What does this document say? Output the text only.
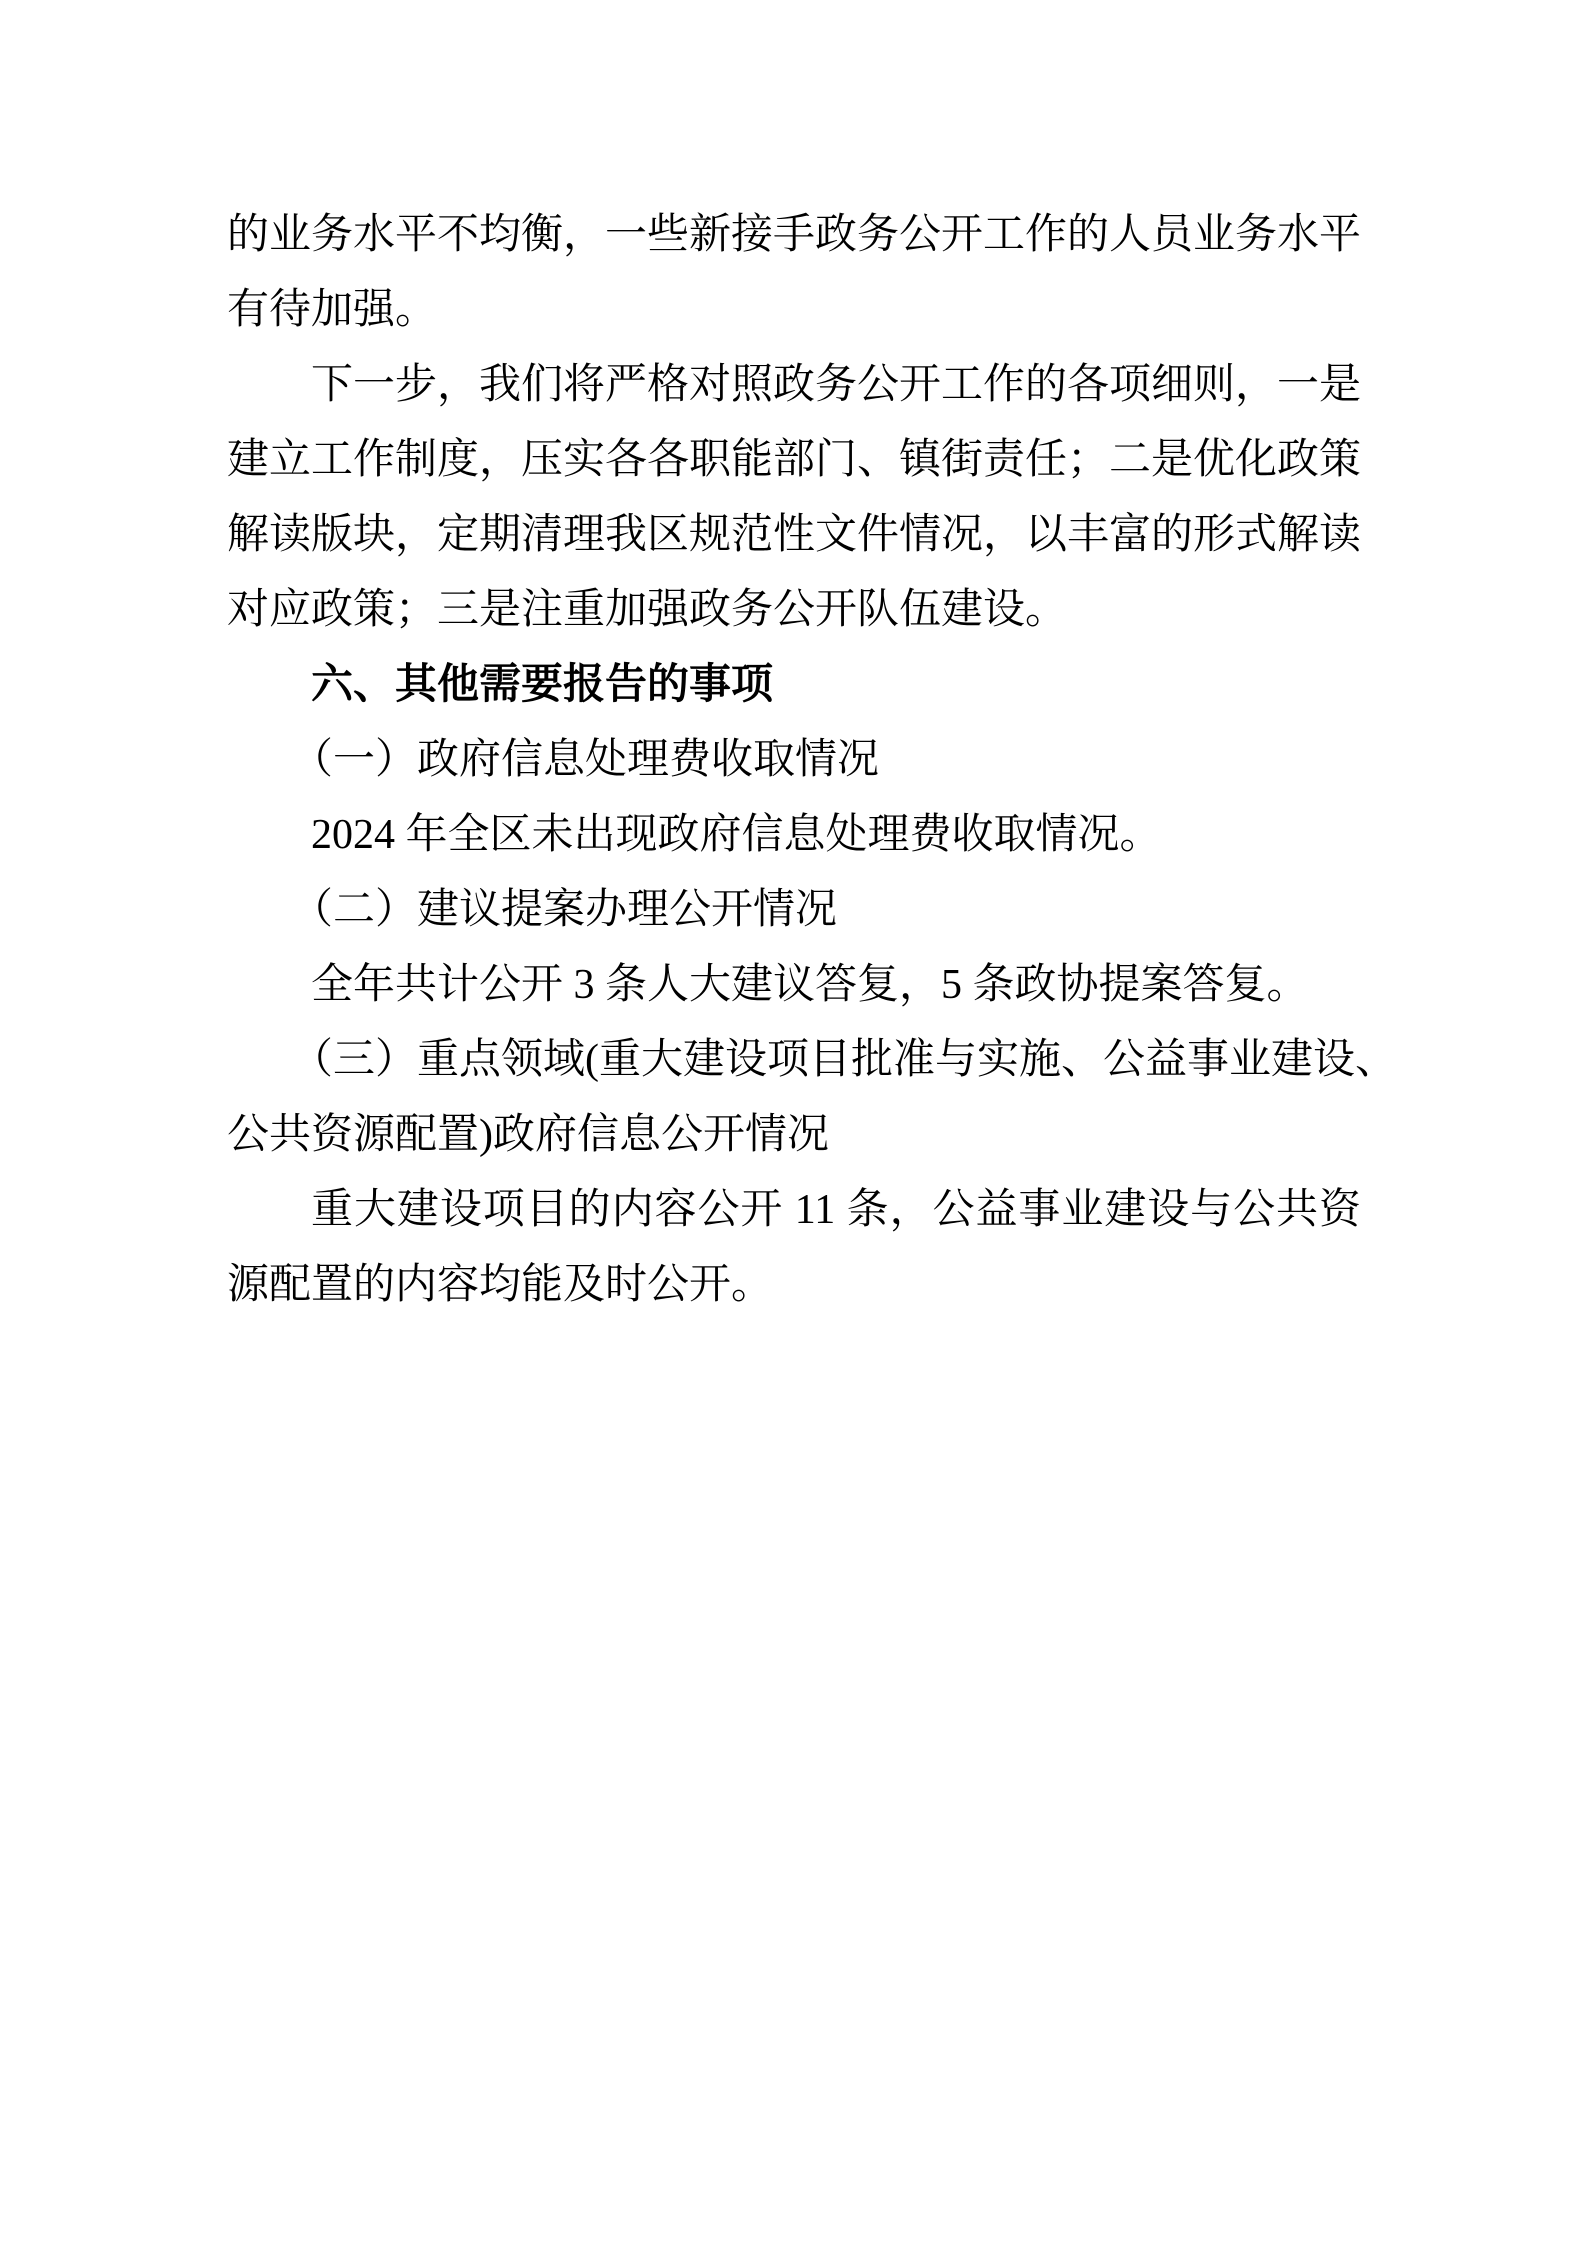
的业务水平不均衡，一些新接手政务公开工作的人员业务水平
有待加强。
下一步，我们将严格对照政务公开工作的各项细则，一是
建立工作制度，压实各各职能部门、镇街责任；二是优化政策
解读版块，定期清理我区规范性文件情况，以丰富的形式解读
对应政策；三是注重加强政务公开队伍建设。
六、其他需要报告的事项
（一）政府信息处理费收取情况
2024 年全区未出现政府信息处理费收取情况。
（二）建议提案办理公开情况
全年共计公开 3 条人大建议答复，5 条政协提案答复。
（三）重点领域(重大建设项目批准与实施、公益事业建设、
公共资源配置)政府信息公开情况
重大建设项目的内容公开 11 条，公益事业建设与公共资
源配置的内容均能及时公开。
